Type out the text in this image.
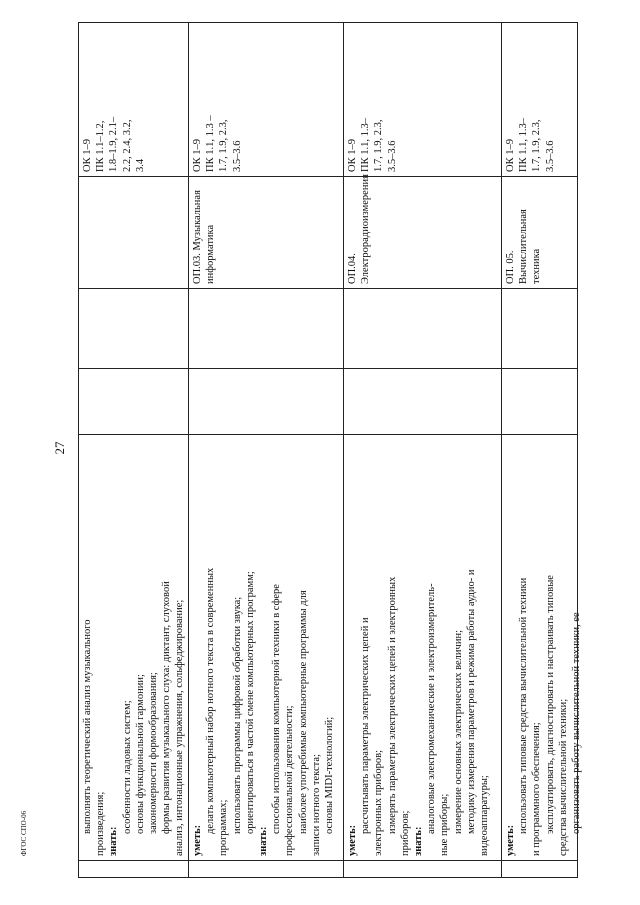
27
ФГОС СПО-06	выполнять теоретический анализ музыкального произведения; знать:
особенности ладовых систем; основы функциональной гармонии; закономерности формообразования; формы развития музыкального слуха: диктант, слуховой анализ, интонационные упражнения, сольфеджирование;
ОК 1–9
ПК 1.1–1.2,
1.8–1.9, 2.1–
2.2, 2.4, 3.2,
3.4
уметь:
делать компьютерный набор нотного текста в современных программах; использовать программы цифровой обработки звука; ориентироваться в частой смене компьютерных программ;
знать:
способы использования компьютерной техники в сфере профессиональной деятельности; наиболее употребимые компьютерные программы для записи нотного текста; основы MIDI-технологий;
ОП.03. Музыкальная
информатика
ОК 1–9
ПК 1.1, 1.3 –
1.7, 1.9, 2.3,
3.5–3.6
уметь:
рассчитывать параметры электрических цепей и электронных приборов; измерять параметры электрических цепей и электронных приборов; знать:
аналоговые электромеханические и электроизмеритель- ные приборы; измерение основных электрических величин; методику измерения параметров и режима работы аудио- и видеоаппаратуры;
ОП.04.
Электрорадиоизмерения
ОК 1–9
ПК 1.1, 1.3–
1.7, 1.9, 2.3,
3.5–3.6
уметь:
использовать типовые средства вычислительной техники и программного обеспечения; эксплуатировать, диагностировать и настраивать типовые средства вычислительной техники; организовать работу вычислительной техники, ее
ОП. 05.
Вычислительная
техника
ОК 1–9
ПК 1.1, 1.3–
1.7, 1.9, 2.3,
3.5–3.6
